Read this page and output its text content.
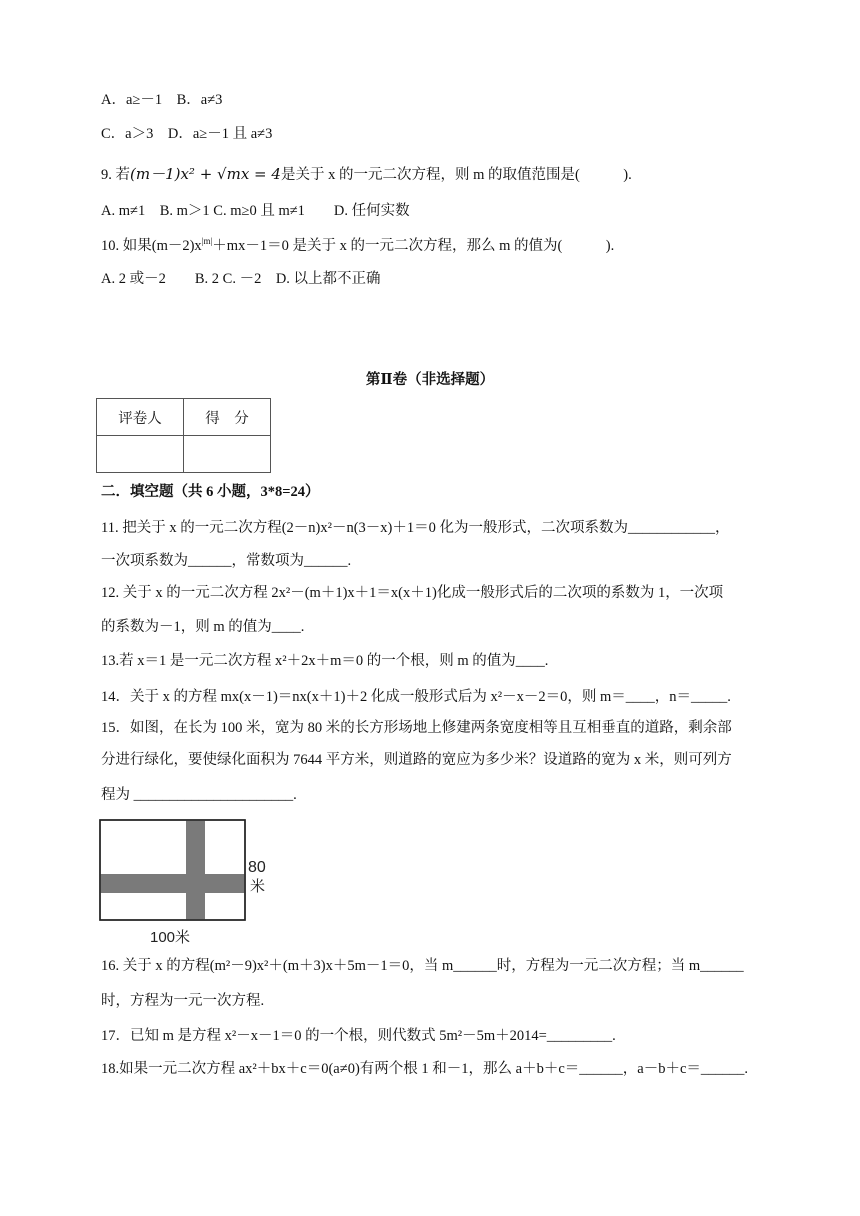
A．a≥－1　B．a≠3
C．a＞3　D．a≥－1 且 a≠3
9. 若(m－1)x² + √mx = 4是关于 x 的一元二次方程，则 m 的取值范围是(　　　).
A. m≠1　B. m＞1 C. m≥0 且 m≠1　　D. 任何实数
10. 如果$(m-2)x^{|m|}+mx-1=0$ 是关于 x 的一元二次方程，那么 m 的值为(　　　).
A. 2 或－2　　B. 2 C. －2　D. 以上都不正确
第Ⅱ卷（非选择题）
评卷人	得　分

二．填空题（共 6 小题，3*8=24）
11. 把关于 x 的一元二次方程(2－n)x²－n(3－x)＋1＝0 化为一般形式，二次项系数为____________，
一次项系数为______，常数项为______.
12. 关于 x 的一元二次方程 2x²－(m＋1)x＋1＝x(x＋1)化成一般形式后的二次项的系数为 1，一次项
的系数为－1，则 m 的值为____.
13.若 x＝1 是一元二次方程 x²＋2x＋m＝0 的一个根，则 m 的值为____.
14．关于 x 的方程 mx(x－1)＝nx(x＋1)＋2 化成一般形式后为 x²－x－2＝0，则 m＝____，n＝_____.
15．如图，在长为 100 米，宽为 80 米的长方形场地上修建两条宽度相等且互相垂直的道路，剩余部
分进行绿化，要使绿化面积为 7644 平方米，则道路的宽应为多少米？设道路的宽为 x 米，则可列方
程为 ______________________.
80
米
100米
16. 关于 x 的方程(m²－9)x²＋(m＋3)x＋5m－1＝0，当 m______时，方程为一元二次方程；当 m______
时，方程为一元一次方程.
17．已知 m 是方程 x²－x－1＝0 的一个根，则代数式 5m²－5m＋2014=_________.
18.如果一元二次方程 ax²＋bx＋c＝0(a≠0)有两个根 1 和－1，那么 a＋b＋c＝______，a－b＋c＝______.
